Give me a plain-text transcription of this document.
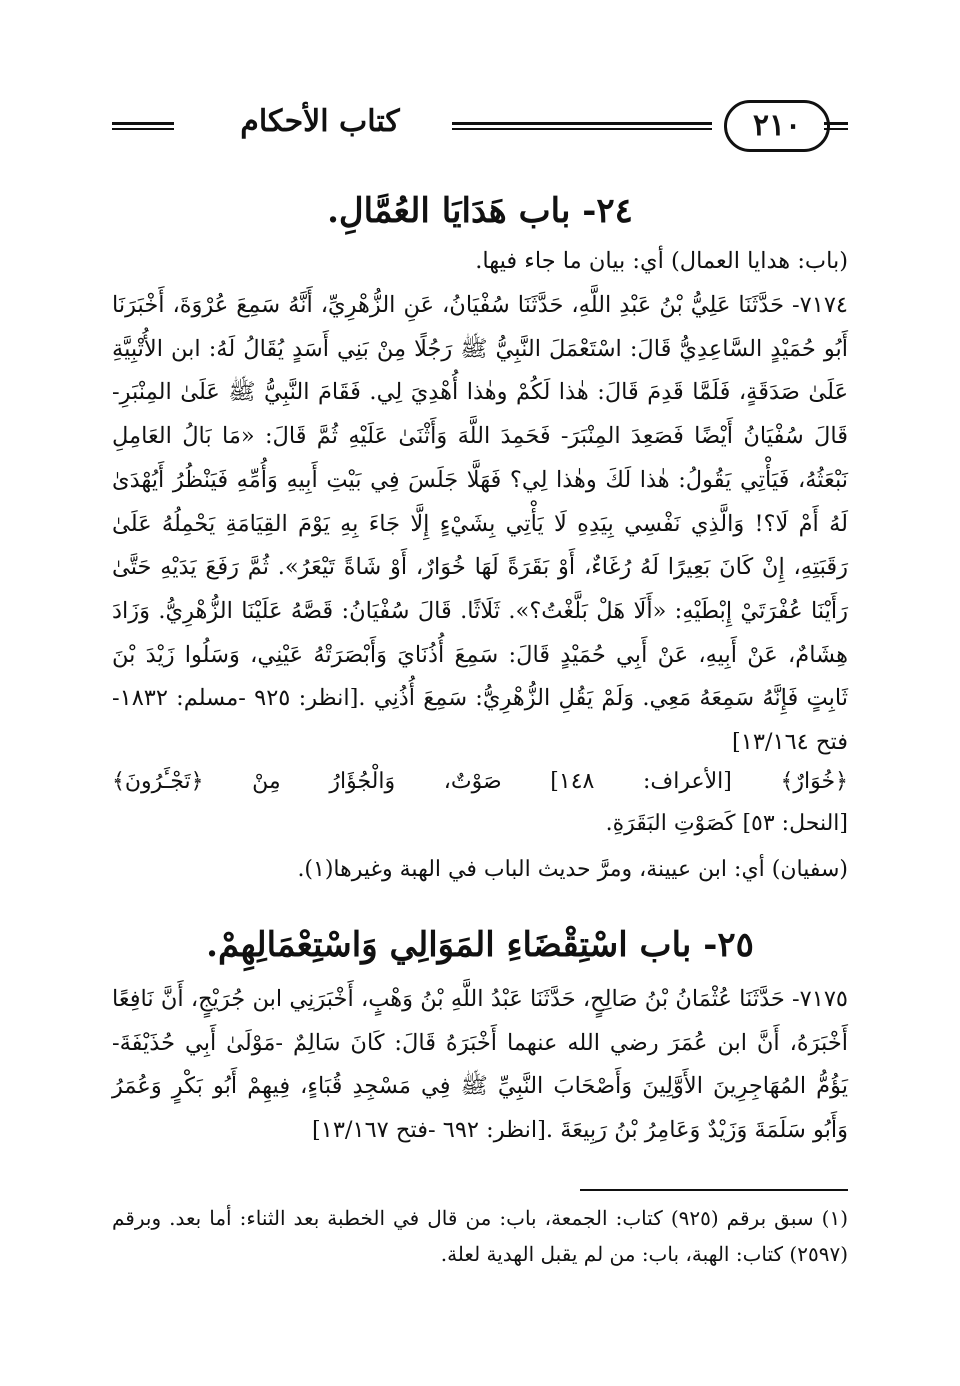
كتاب الأحكام	٢١٠
٢٤- باب هَدَايَا العُمَّالِ.
(باب: هدايا العمال) أي: بيان ما جاء فيها.
٧١٧٤- حَدَّثَنَا عَلِيُّ بْنُ عَبْدِ اللَّهِ، حَدَّثَنَا سُفْيَانُ، عَنِ الزُّهْرِيِّ، أَنَّهُ سَمِعَ عُرْوَةَ، أَخْبَرَنَا أَبُو حُمَيْدٍ السَّاعِدِيُّ قَالَ: اسْتَعْمَلَ النَّبِيُّ ﷺ رَجُلًا مِنْ بَنِي أَسَدٍ يُقَالُ لَهُ: ابن الأُتْبِيَّةِ عَلَىٰ صَدَقَةٍ، فَلَمَّا قَدِمَ قَالَ: هٰذا لَكُمْ وهٰذا أُهْدِيَ لِي. فَقَامَ النَّبِيُّ ﷺ عَلَىٰ المِنْبَرِ- قَالَ سُفْيَانُ أَيْضًا فَصَعِدَ المِنْبَرَ- فَحَمِدَ اللَّهَ وَأَثْنَىٰ عَلَيْهِ ثُمَّ قَالَ: «مَا بَالُ العَامِلِ نَبْعَثُهُ، فَيَأْتِي يَقُولُ: هٰذا لَكَ وهٰذا لِي؟ فَهَلَّا جَلَسَ فِي بَيْتِ أَبِيهِ وَأُمِّهِ فَيَنْظُرُ أَيُهْدَىٰ لَهُ أَمْ لَا؟! وَالَّذِي نَفْسِي بِيَدِهِ لَا يَأْتِي بِشَيْءٍ إِلَّا جَاءَ بِهِ يَوْمَ القِيَامَةِ يَحْمِلُهُ عَلَىٰ رَقَبَتِهِ، إِنْ كَانَ بَعِيرًا لَهُ رُغَاءٌ، أَوْ بَقَرَةً لَهَا خُوَارٌ، أَوْ شَاةً تَيْعَرُ». ثُمَّ رَفَعَ يَدَيْهِ حَتَّىٰ رَأَيْنَا عُفْرَتَيْ إِبْطَيْهِ: «أَلَا هَلْ بَلَّغْتُ؟». ثَلَاثًا. قَالَ سُفْيَانُ: قَصَّهُ عَلَيْنَا الزُّهْرِيُّ. وَزَادَ هِشَامٌ، عَنْ أَبِيهِ، عَنْ أَبِي حُمَيْدٍ قَالَ: سَمِعَ أُذُنَايَ وَأَبْصَرَتْهُ عَيْنِي، وَسَلُوا زَيْدَ بْنَ ثَابِتٍ فَإِنَّهُ سَمِعَهُ مَعِي. وَلَمْ يَقُلِ الزُّهْرِيُّ: سَمِعَ أُذُنِي .[انظر: ٩٢٥ -مسلم: ١٨٣٢- فتح ١٣/١٦٤]
﴿خُوَارٌ﴾ [الأعراف: ١٤٨] صَوْتٌ، وَالْجُؤَارُ مِنْ ﴿تَجْـَٔرُونَ﴾
[النحل: ٥٣] كَصَوْتِ البَقَرَةِ.
(سفيان) أي: ابن عيينة، ومرَّ حديث الباب في الهبة وغيرها(١).
٢٥- باب اسْتِقْضَاءِ المَوَالِي وَاسْتِعْمَالِهِمْ.
٧١٧٥- حَدَّثَنَا عُثْمَانُ بْنُ صَالِحٍ، حَدَّثَنَا عَبْدُ اللَّهِ بْنُ وَهْبٍ، أَخْبَرَنِي ابن جُرَيْجٍ، أَنَّ نَافِعًا أَخْبَرَهُ، أَنَّ ابن عُمَرَ رضي الله عنهما أَخْبَرَهُ قَالَ: كَانَ سَالِمٌ -مَوْلَىٰ أَبِي حُذَيْفَةَ- يَؤُمُّ المُهَاجِرِينَ الأَوَّلِينَ وَأَصْحَابَ النَّبِيِّ ﷺ فِي مَسْجِدِ قُبَاءٍ، فِيهِمْ أَبُو بَكْرٍ وَعُمَرُ وَأَبُو سَلَمَةَ وَزَيْدٌ وَعَامِرُ بْنُ رَبِيعَةَ .[انظر: ٦٩٢ -فتح ١٣/١٦٧]
(١) سبق برقم (٩٢٥) كتاب: الجمعة، باب: من قال في الخطبة بعد الثناء: أما بعد. وبرقم (٢٥٩٧) كتاب: الهبة، باب: من لم يقبل الهدية لعلة.
